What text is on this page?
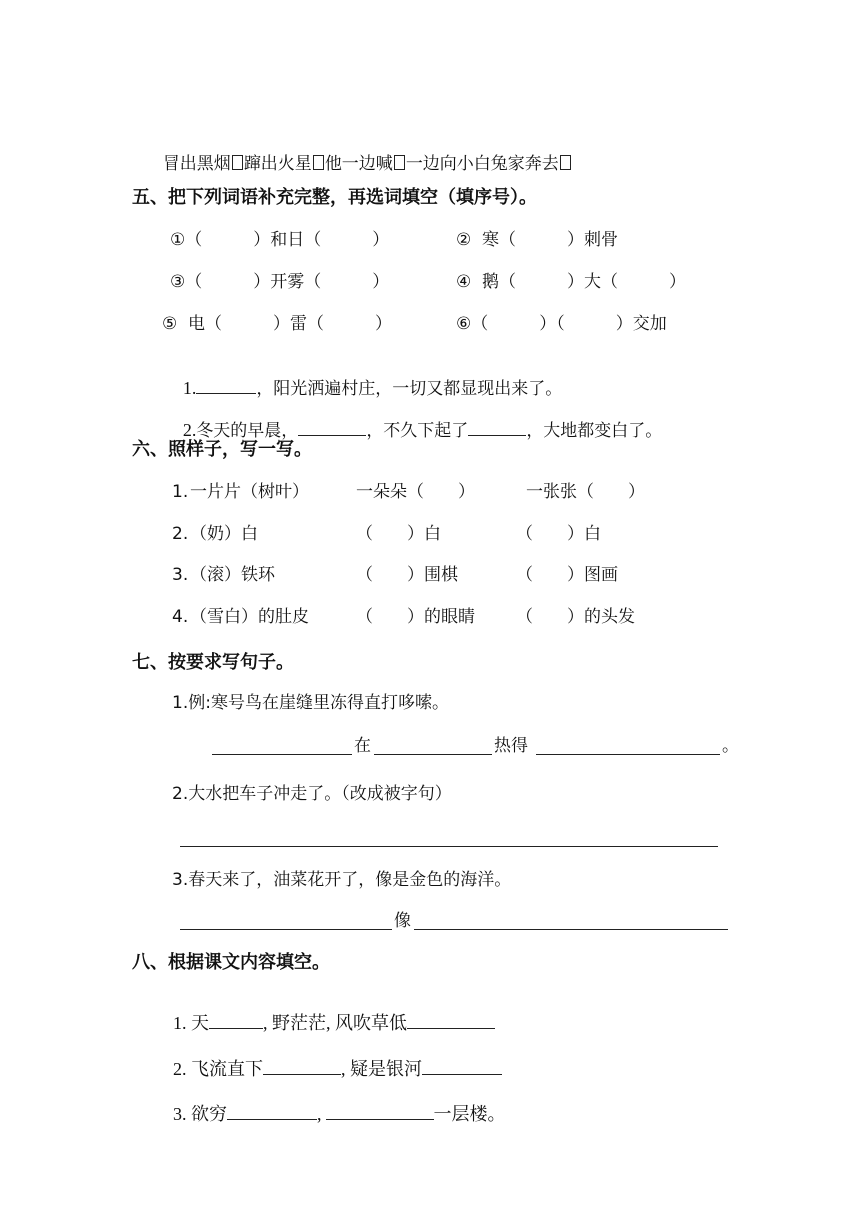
冒出黑烟 蹿出火星 他一边喊 一边向小白兔家奔去

五、把下列词语补充完整，再选词填空（填序号）。
①（　　　）和日（　　　）	②  寒（　　　）刺骨
③（　　　）开雾（　　　）	④  鹅（　　　）大（　　　）
⑤  电（　　　）雷（　　　）	⑥（　　　）（　　　）交加

1.	，阳光洒遍村庄，一切又都显现出来了。

2.冬天的早晨，	，不久下起了	，大地都变白了。

六、照样子，写一写。
1. 一片片（树叶）	一朵朵（　　）	一张张（　　）
2. （奶）白	（　　）白	（　　）白
3. （滚）铁环	（　　）围棋	（　　）图画
4. （雪白）的肚皮	（　　）的眼睛 （　　）的头发
七、按要求写句子。
1.例:寒号鸟在崖缝里冻得直打哆嗦。
在	热得	。
2.大水把车子冲走了。（改成被字句）
3.春天来了，油菜花开了，像是金色的海洋。
像
八、根据课文内容填空。

1. 天	, 野茫茫, 风吹草低

2. 飞流直下	, 疑是银河

3. 欲穷	,	一层楼。
